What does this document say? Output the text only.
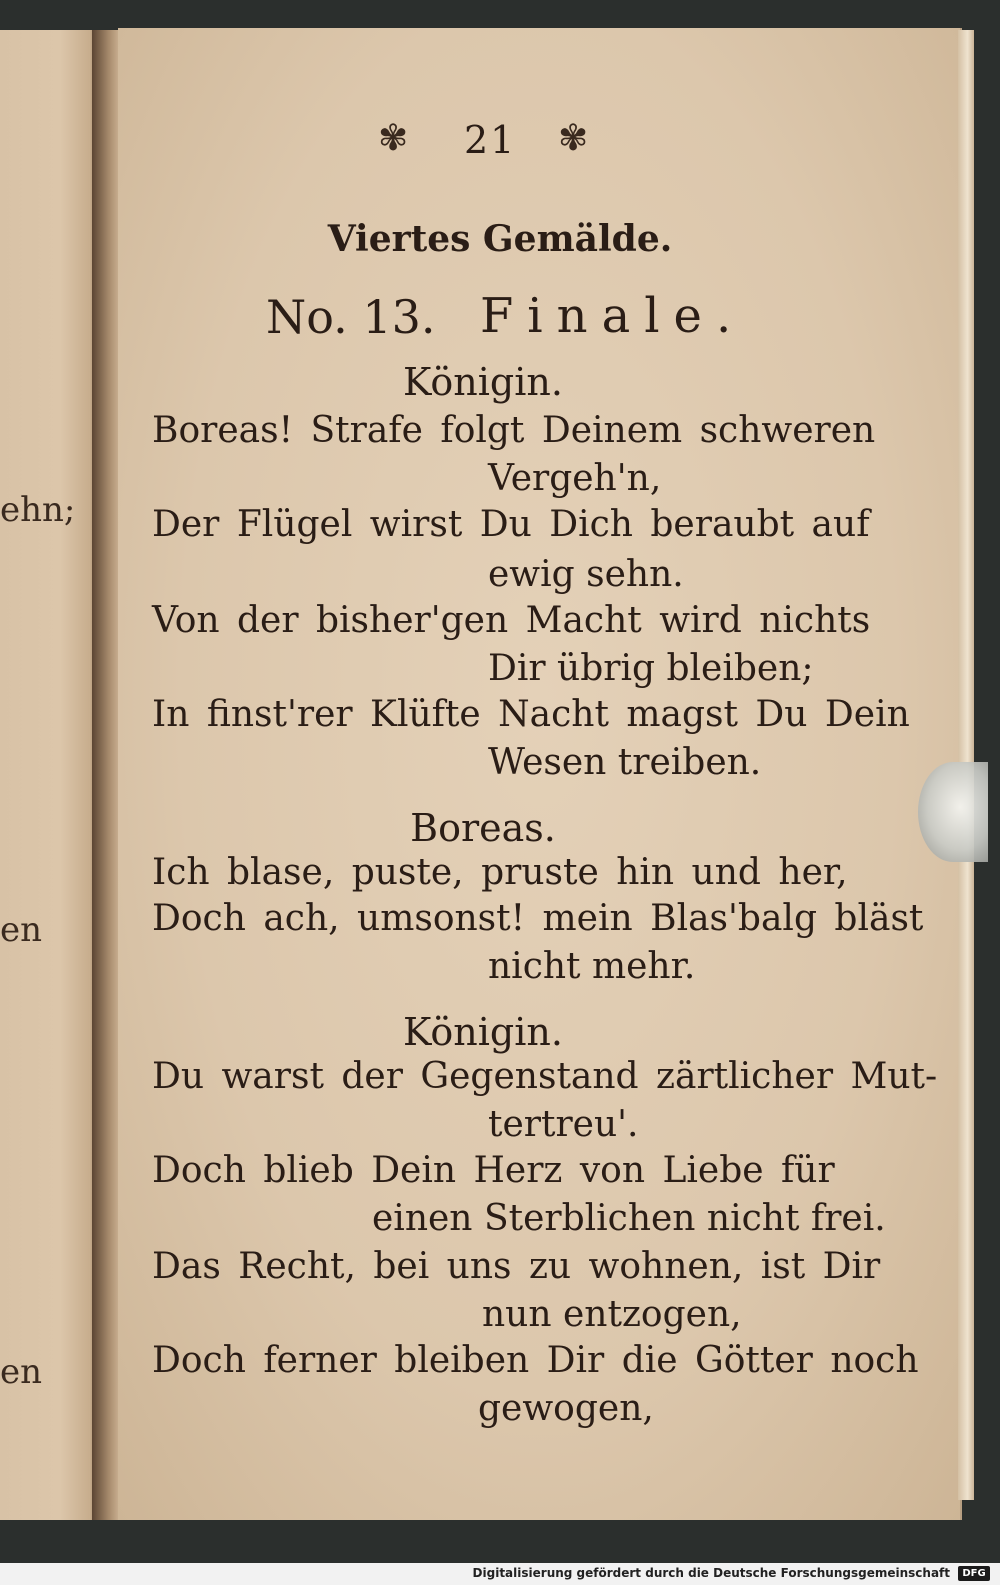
ehn;
en
en
✾ 21 ✾
Viertes Gemälde.
No. 13. Finale.
Königin.
Boreas! Strafe folgt Deinem schweren
Vergeh'n,
Der Flügel wirst Du Dich beraubt auf
ewig sehn.
Von der bisher'gen Macht wird nichts
Dir übrig bleiben;
In finst'rer Klüfte Nacht magst Du Dein
Wesen treiben.
Boreas.
Ich blase, puste, pruste hin und her,
Doch ach, umsonst! mein Blas'balg bläst
nicht mehr.
Königin.
Du warst der Gegenstand zärtlicher Mut-
tertreu'.
Doch blieb Dein Herz von Liebe für
einen Sterblichen nicht frei.
Das Recht, bei uns zu wohnen, ist Dir
nun entzogen,
Doch ferner bleiben Dir die Götter noch
gewogen,
Digitalisierung gefördert durch die Deutsche Forschungsgemeinschaft	DFG
